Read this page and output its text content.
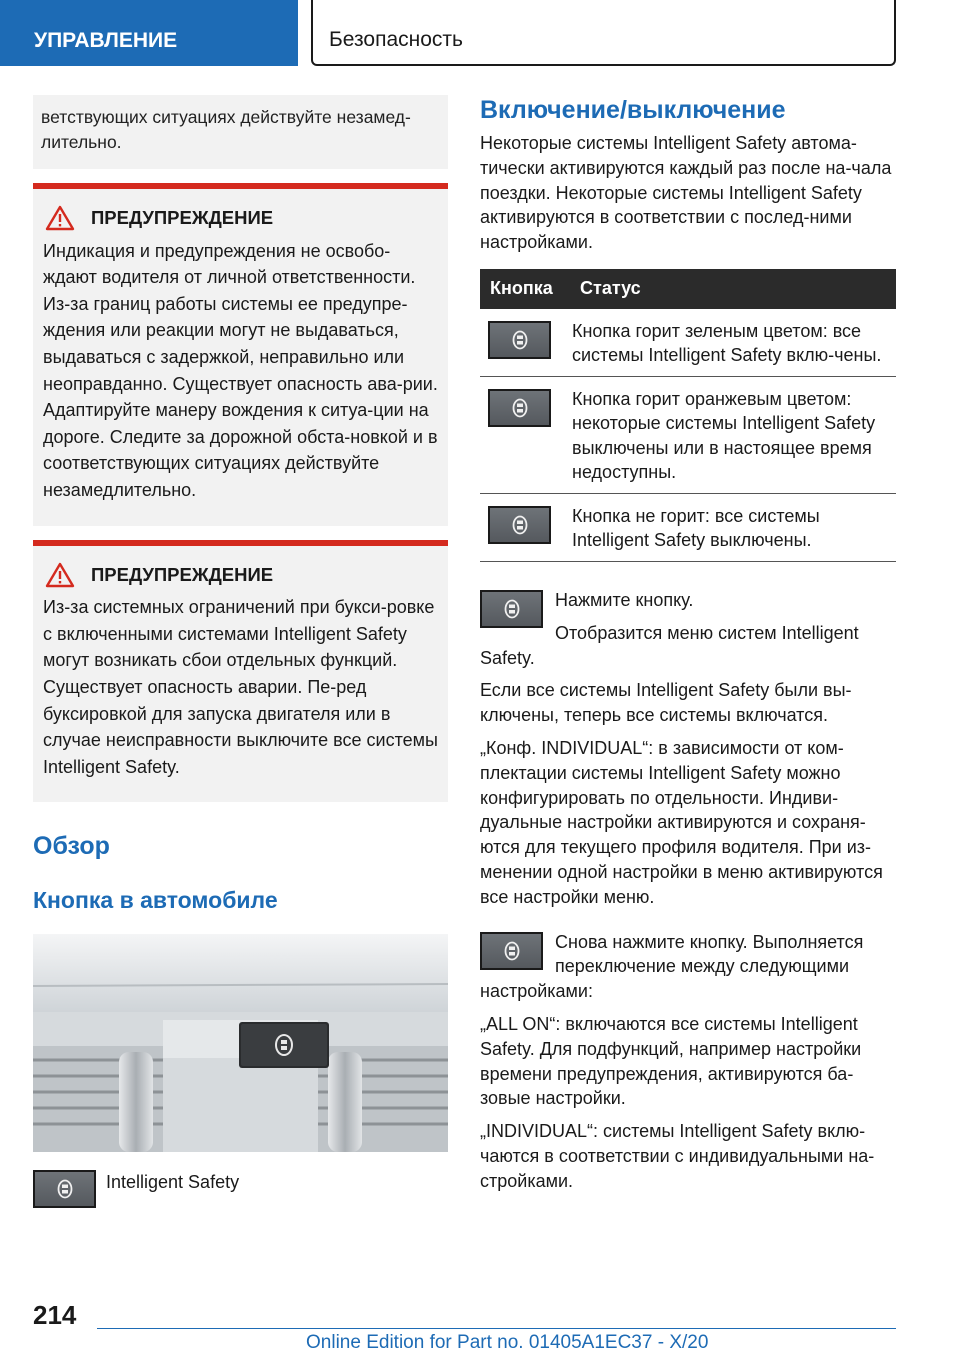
УПРАВЛЕНИЕ	Безопасность
ветствующих ситуациях действуйте незамед-лительно.
ПРЕДУПРЕЖДЕНИЕ
Индикация и предупреждения не освобо-ждают водителя от личной ответственности. Из-за границ работы системы ее предупре-ждения или реакции могут не выдаваться, выдаваться с задержкой, неправильно или неоправданно. Существует опасность ава-рии. Адаптируйте манеру вождения к ситуа-ции на дороге. Следите за дорожной обста-новкой и в соответствующих ситуациях действуйте незамедлительно.
ПРЕДУПРЕЖДЕНИЕ
Из-за системных ограничений при букси-ровке с включенными системами Intelligent Safety могут возникать сбои отдельных функций. Существует опасность аварии. Пе-ред буксировкой для запуска двигателя или в случае неисправности выключите все системы Intelligent Safety.
Обзор
Кнопка в автомобиле
Intelligent Safety
Включение/выключение
Некоторые системы Intelligent Safety автома-тически активируются каждый раз после на-чала поездки. Некоторые системы Intelligent Safety активируются в соответствии с послед-ними настройками.
Кнопка	Статус

	Кнопка горит зеленым цветом: все системы Intelligent Safety вклю-чены.

	Кнопка горит оранжевым цветом: некоторые системы Intelligent Safety выключены или в настоящее время недоступны.

	Кнопка не горит: все системы Intelligent Safety выключены.
Нажмите кнопку.
Отобразится меню систем Intelligent Safety.
Если все системы Intelligent Safety были вы-ключены, теперь все системы включатся.
„Конф. INDIVIDUAL“: в зависимости от ком-плектации системы Intelligent Safety можно конфигурировать по отдельности. Индиви-дуальные настройки активируются и сохраня-ются для текущего профиля водителя. При из-менении одной настройки в меню активируются все настройки меню.
Снова нажмите кнопку. Выполняется переключение между следующими настройками:
„ALL ON“: включаются все системы Intelligent Safety. Для подфункций, например настройки времени предупреждения, активируются ба-зовые настройки.
„INDIVIDUAL“: системы Intelligent Safety вклю-чаются в соответствии с индивидуальными на-стройками.
214
Online Edition for Part no. 01405A1EC37 - X/20
